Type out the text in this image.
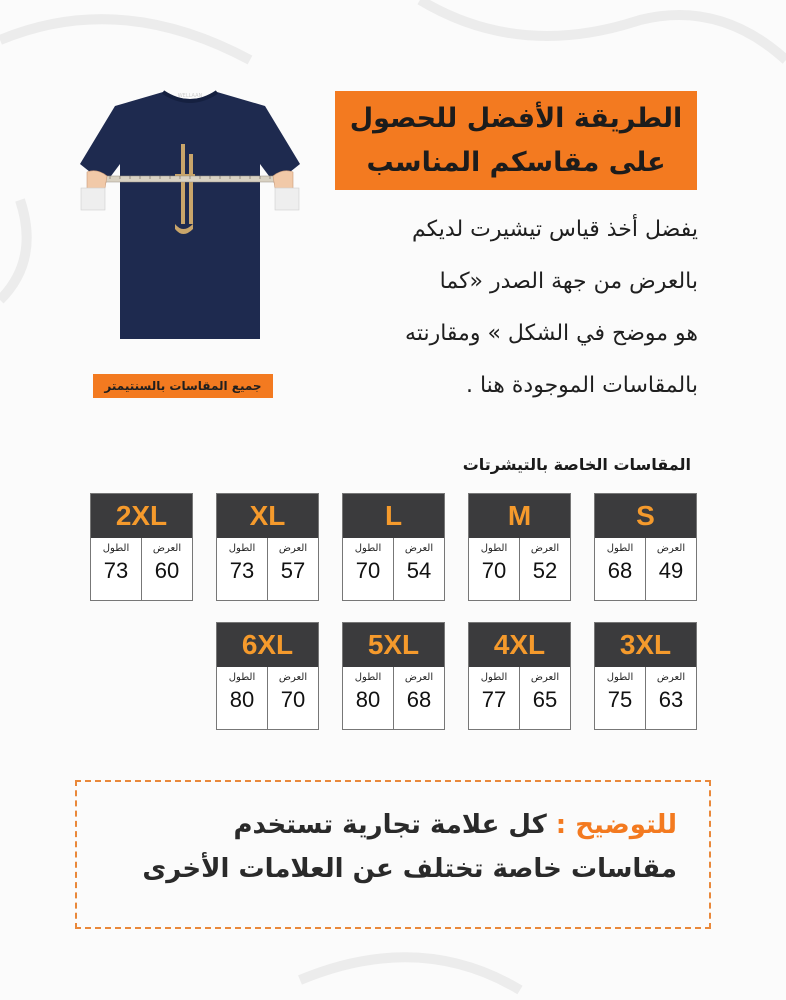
الطريقة الأفضل للحصول
على مقاسكم المناسب
يفضل أخذ قياس تيشيرت لديكم
بالعرض من جهة الصدر «كما
هو موضح في الشكل » ومقارنته
بالمقاسات الموجودة هنا .
WELLAAN
جميع المقاسات بالسنتيمتر
المقاسات الخاصة بالتيشرتات
S
الطول
68
العرض
49
M
الطول
70
العرض
52
L
الطول
70
العرض
54
XL
الطول
73
العرض
57
2XL
الطول
73
العرض
60
3XL
الطول
75
العرض
63
4XL
الطول
77
العرض
65
5XL
الطول
80
العرض
68
6XL
الطول
80
العرض
70
للتوضيح : كل علامة تجارية تستخدم
مقاسات خاصة تختلف عن العلامات الأخرى
